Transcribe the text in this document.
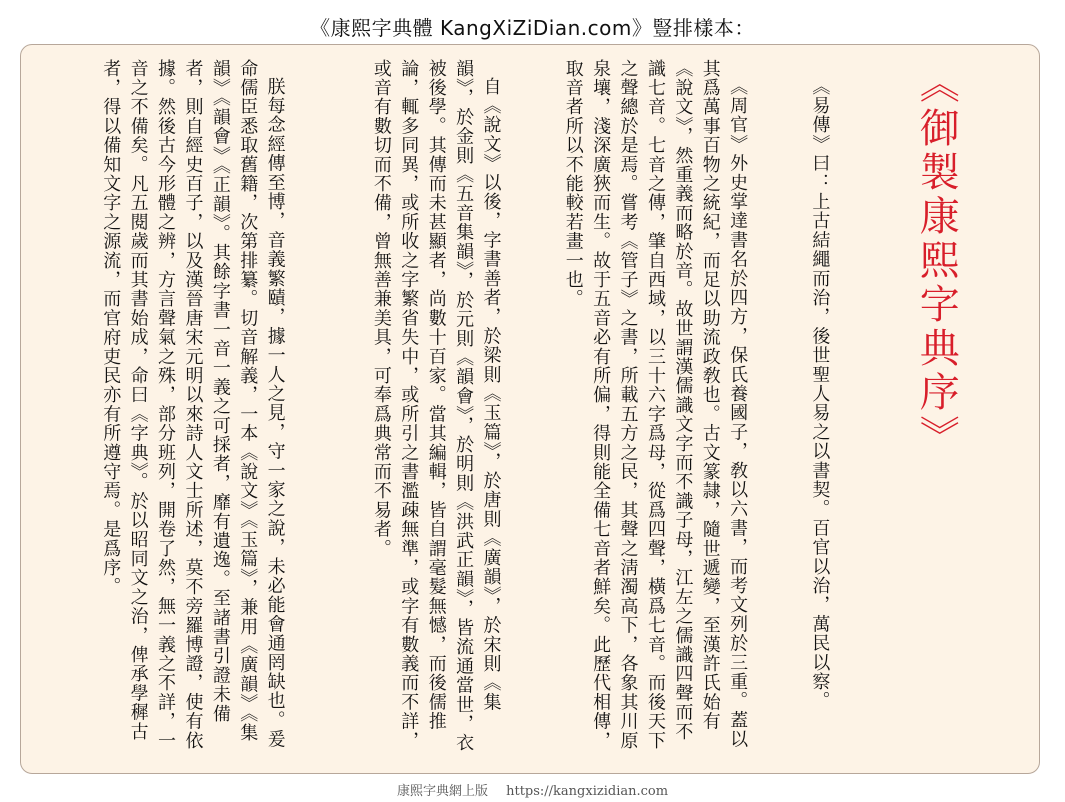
《康熙字典體 KangXiZiDian.com》豎排樣本：

《御製康熙字典序》

《易傳》曰：上古結繩而治，後世聖人易之以書契。百官以治，萬民以察。

《周官》外史掌達書名於四方，保氏養國子，敎以六書，而考文列於三重。蓋以其爲萬事百物之統紀，而足以助流政敎也。古文篆隷，隨世遞變，至漢許氏始有《說文》，然重義而略於音。故世謂漢儒識文字而不識子母，江左之儒識四聲而不識七音。七音之傳，肇自西域，以三十六字爲母，從爲四聲，橫爲七音。而後天下之聲總於是焉。嘗考《管子》之書，所載五方之民，其聲之淸濁高下，各象其川原泉壤，淺深廣狹而生。故于五音必有所偏，得則能全備七音者鮮矣。此歷代相傳，取音者所以不能較若畫一也。

自《說文》以後，字書善者，於梁則《玉篇》，於唐則《廣韻》，於宋則《集韻》，於金則《五音集韻》，於元則《韻會》，於明則《洪武正韻》，皆流通當世，衣被後學。其傳而未甚顯者，尚數十百家。當其編輯，皆自謂毫髮無憾，而後儒推論，輒多同異，或所收之字繁省失中，或所引之書濫疎無準，或字有數義而不詳，或音有數切而不備，曾無善兼美具，可奉爲典常而不易者。

朕每念經傳至博，音義繁賾，據一人之見，守一家之說，未必能會通罔缺也。爰命儒臣悉取舊籍，次第排纂。切音解義，一本《說文》《玉篇》，兼用《廣韻》《集韻》《韻會》《正韻》。其餘字書一音一義之可採者，靡有遺逸。至諸書引證未備者，則自經史百子，以及漢晉唐宋元明以來詩人文士所述，莫不旁羅博證，使有依據。然後古今形體之辨，方言聲氣之殊，部分班列，開卷了然，無一義之不詳，一音之不備矣。凡五閱歲而其書始成，命曰《字典》。於以昭同文之治，俾承學穉古者，得以備知文字之源流，而官府吏民亦有所遵守焉。是爲序。

康熙字典網上版 https://kangxizidian.com
